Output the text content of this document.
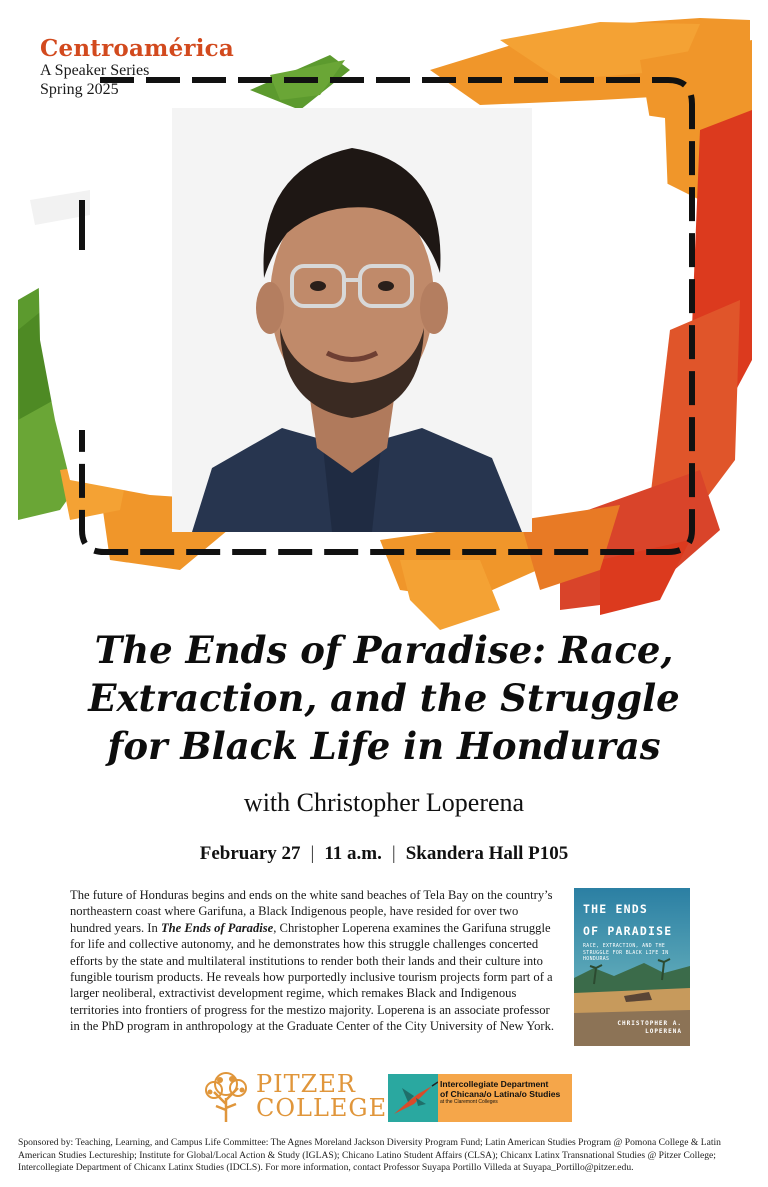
Centroamérica
A Speaker Series
Spring 2025
The Ends of Paradise: Race,
Extraction, and the Struggle
for Black Life in Honduras
with Christopher Loperena
February 27 | 11 a.m. | Skandera Hall P105

The future of Honduras begins and ends on the white sand beaches of Tela Bay on the country’s northeastern coast where Garifuna, a Black Indigenous people, have resided for over two hundred years. In The Ends of Paradise, Christopher Loperena examines the Garifuna struggle for life and collective autonomy, and he demonstrates how this struggle challenges concerted efforts by the state and multilateral institutions to render both their lands and their culture into fungible tourism products. He reveals how purportedly inclusive tourism projects form part of a larger neoliberal, extractivist development regime, which remakes Black and Indigenous territories into frontiers of progress for the mestizo majority. Loperena is an associate professor in the PhD program in anthropology at the Graduate Center of the City University of New York.

THE ENDS
OF PARADISE
RACE, EXTRACTION, AND THE STRUGGLE FOR BLACK LIFE IN HONDURAS
CHRISTOPHER A.
LOPERENA
PITZER
COLLEGE
Intercollegiate Department
of Chicana/o Latina/o Studies
at the Claremont Colleges

Sponsored by: Teaching, Learning, and Campus Life Committee: The Agnes Moreland Jackson Diversity Program Fund; Latin American Studies Program @ Pomona College & Latin American Studies Lectureship; Institute for Global/Local Action & Study (IGLAS); Chicano Latino Student Affairs (CLSA); Chicanx Latinx Transnational Studies @ Pitzer College; Intercollegiate Department of Chicanx Latinx Studies (IDCLS). For more information, contact Professor Suyapa Portillo Villeda at Suyapa_Portillo@pitzer.edu.
